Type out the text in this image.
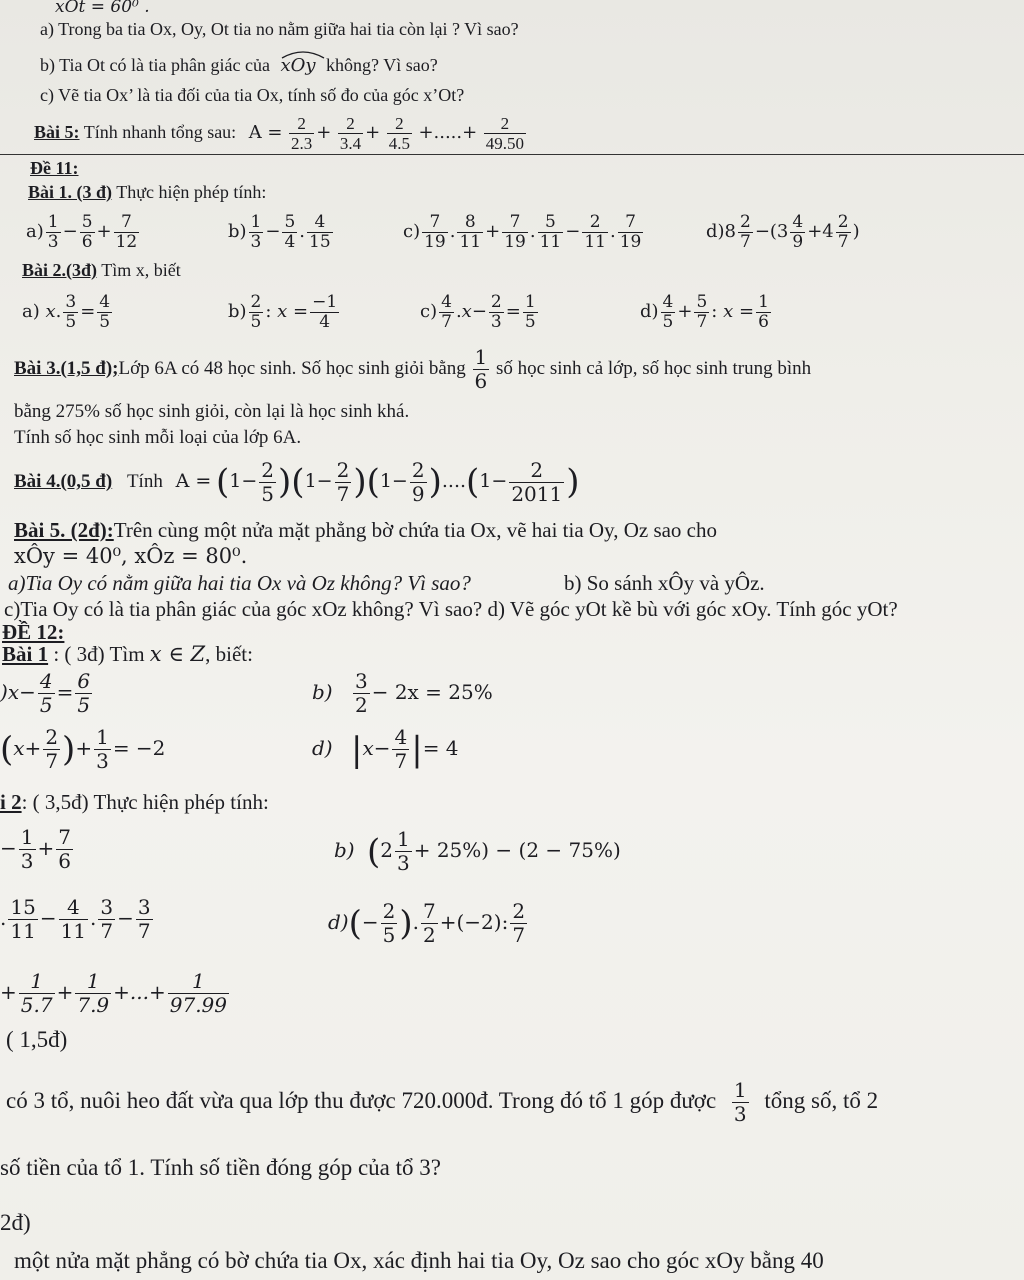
xOt = 60⁰ .
a) Trong ba tia Ox, Oy, Ot tia no nằm giữa hai tia còn lại ? Vì sao?
b) Tia Ot có là tia phân giác của xOy không? Vì sao?
c) Vẽ tia Ox’ là tia đối của tia Ox, tính số đo của góc x’Ot?
Bài 5: Tính nhanh tổng sau: $A = \frac{2}{2.3} + \frac{2}{3.4} + \frac{2}{4.5}$ +.....+ $\frac{2}{49.50}$
Đề 11:
Bài 1. (3 đ) Thực hiện phép tính:
$a) \frac{1}{3} - \frac{5}{6} + \frac{7}{12}$	$b) \frac{1}{3} - \frac{5}{4}$ . $\frac{4}{15}$	$c) \frac{7}{19}$ . $\frac{8}{11} + \frac{7}{19}$ . $\frac{5}{11} - \frac{2}{11}$ . $\frac{7}{19}$	$d)8 \frac{2}{7} -(3 \frac{4}{9} +4 \frac{2}{7}$ )
Bài 2.(3đ) Tìm x, biết
a) x. $\frac{3}{5} = \frac{4}{5}$	$b) \frac{2}{5}$ : $x = \frac{-1}{4}$	$c) \frac{4}{7} .x- \frac{2}{3} = \frac{1}{5}$	$d) \frac{4}{5} + \frac{5}{7}$ : $x = \frac{1}{6}$
Bài 3.(1,5 đ);Lớp 6A có 48 học sinh. Số học sinh giỏi bằng $\frac{1}{6}$ số học sinh cả lớp, số học sinh trung bình
bằng 275% số học sinh giỏi, còn lại là học sinh khá.
Tính số học sinh mỗi loại của lớp 6A.
Bài 4.(0,5 đ) Tính $A = (1- \frac{2}{5} )(1- \frac{2}{7} )(1- \frac{2}{9} )....(1- \frac{2}{2011}$ )
Bài 5. (2đ):Trên cùng một nửa mặt phẳng bờ chứa tia Ox, vẽ hai tia Oy, Oz sao cho
xÔy = 40⁰, xÔz = 80⁰.
a)Tia Oy có nằm giữa hai tia Ox và Oz không? Vì sao?	b) So sánh xÔy và yÔz.
c)Tia Oy có là tia phân giác của góc xOz không? Vì sao? d) Vẽ góc yOt kề bù với góc xOy. Tính góc yOt?
ĐỀ 12:
Bài 1 : ( 3đ) Tìm x ∈ Z, biết:
)$x- \frac{4}{5} = \frac{6}{5}$	$b) \frac{3}{2} - 2x = 25\%$
($x+ \frac{2}{7}$ )+ $\frac{1}{3} = -2$	d) $|x- \frac{4}{7}$ |= 4
i 2: ( 3,5đ) Thực hiện phép tính:
− $\frac{1}{3} + \frac{7}{6}$	b) $(2 \frac{1}{3} + 25\%) - (2 - 75\%)$
. $\frac{15}{11} - \frac{4}{11}$ . $\frac{3}{7} - \frac{3}{7}$	$d)(- \frac{2}{5}$ ). $\frac{7}{2} +(-2)$: $\frac{2}{7}$
+ $\frac{1}{5.7} + \frac{1}{7.9}$ +...+ $\frac{1}{97.99}$
( 1,5đ)
có 3 tổ, nuôi heo đất vừa qua lớp thu được 720.000đ. Trong đó tổ 1 góp được $\frac{1}{3}$ tổng số, tổ 2
số tiền của tổ 1. Tính số tiền đóng góp của tổ 3?
2đ)
một nửa mặt phẳng có bờ chứa tia Ox, xác định hai tia Oy, Oz sao cho góc xOy bằng 40
